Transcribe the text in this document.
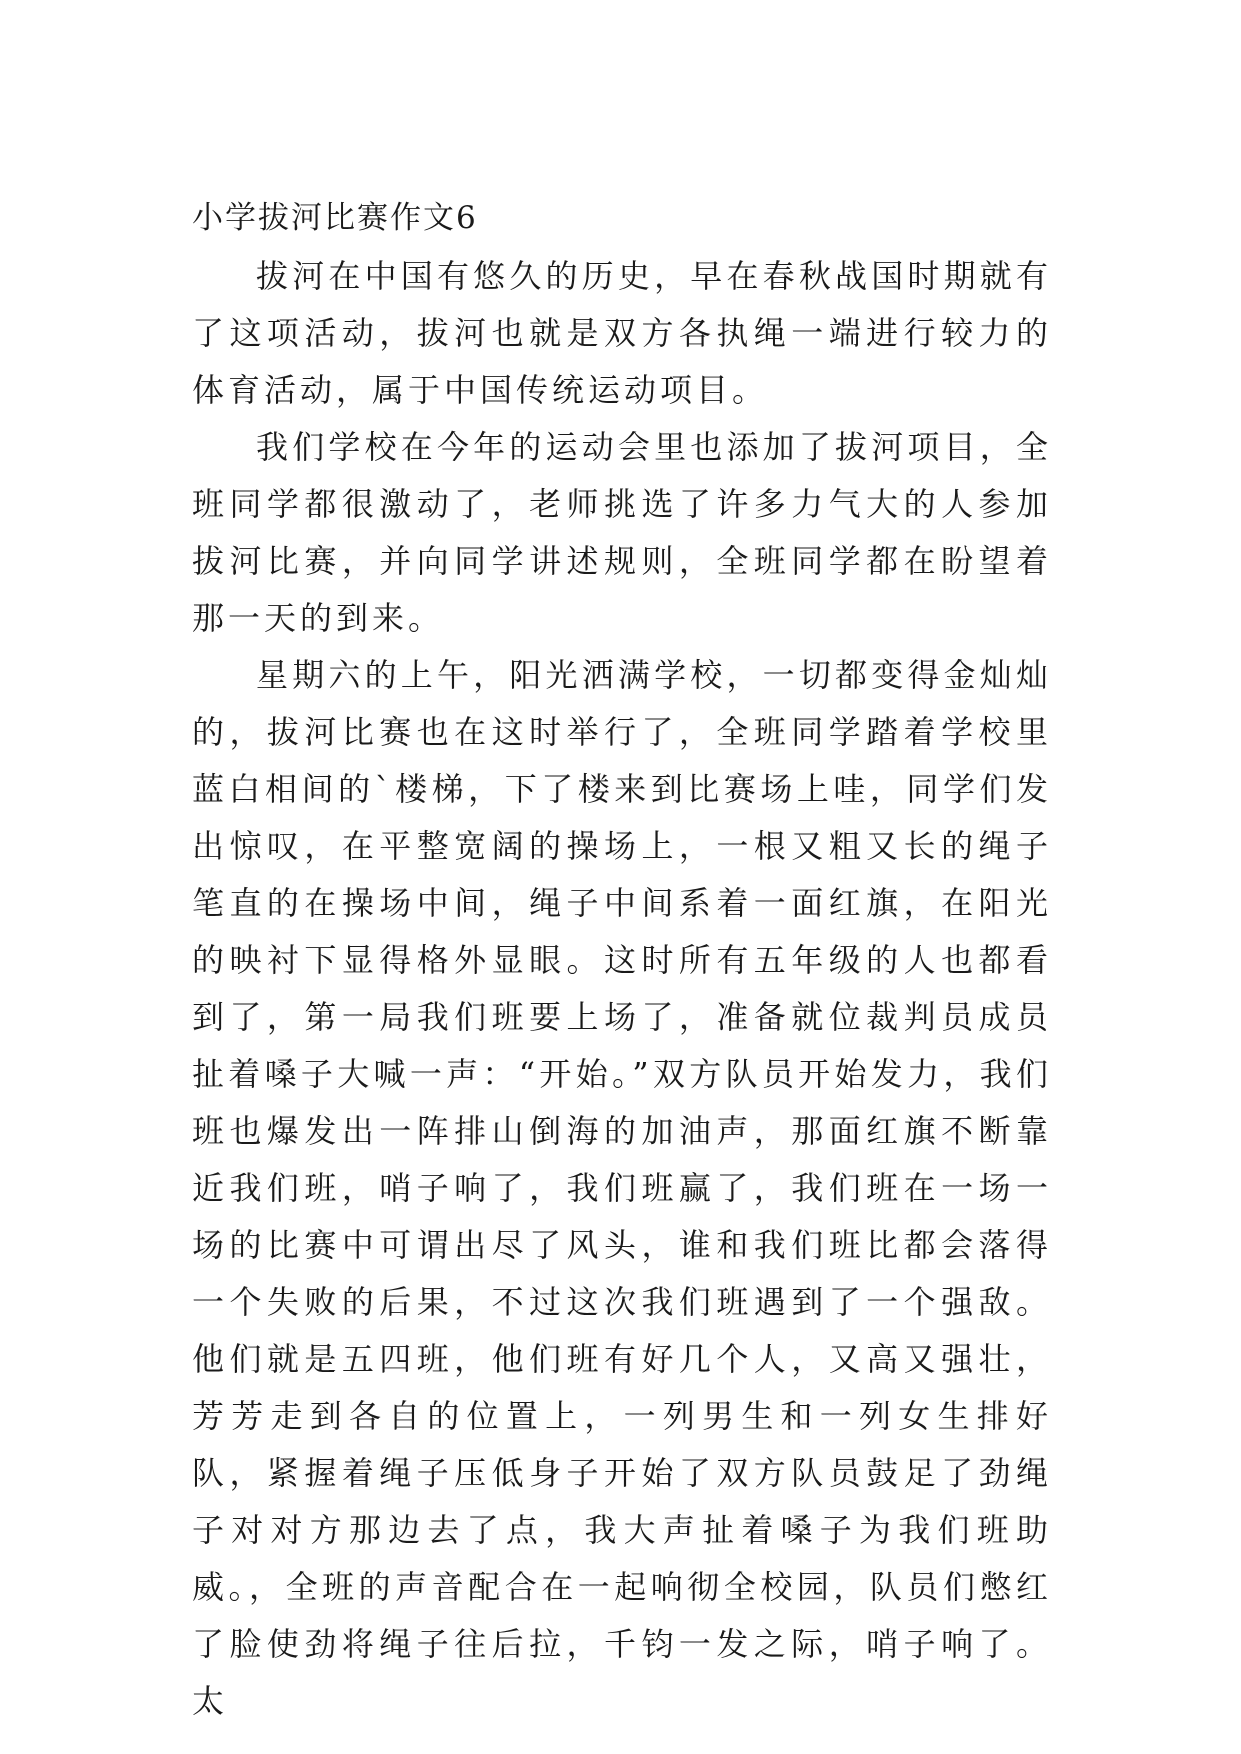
小学拔河比赛作文6

拔河在中国有悠久的历史，早在春秋战国时期就有了这项活动，拔河也就是双方各执绳一端进行较力的体育活动，属于中国传统运动项目。

我们学校在今年的运动会里也添加了拔河项目，全班同学都很激动了，老师挑选了许多力气大的人参加拔河比赛，并向同学讲述规则，全班同学都在盼望着那一天的到来。

星期六的上午，阳光洒满学校，一切都变得金灿灿的，拔河比赛也在这时举行了，全班同学踏着学校里蓝白相间的`楼梯，下了楼来到比赛场上哇，同学们发出惊叹，在平整宽阔的操场上，一根又粗又长的绳子笔直的在操场中间，绳子中间系着一面红旗，在阳光的映衬下显得格外显眼。这时所有五年级的人也都看到了，第一局我们班要上场了，准备就位裁判员成员扯着嗓子大喊一声：“开始。”双方队员开始发力，我们班也爆发出一阵排山倒海的加油声，那面红旗不断靠近我们班，哨子响了，我们班赢了，我们班在一场一场的比赛中可谓出尽了风头，谁和我们班比都会落得一个失败的后果，不过这次我们班遇到了一个强敌。他们就是五四班，他们班有好几个人，又高又强壮，芳芳走到各自的位置上，一列男生和一列女生排好队，紧握着绳子压低身子开始了双方队员鼓足了劲绳子对对方那边去了点，我大声扯着嗓子为我们班助威。，全班的声音配合在一起响彻全校园，队员们憋红了脸使劲将绳子往后拉，千钧一发之际，哨子响了。太
